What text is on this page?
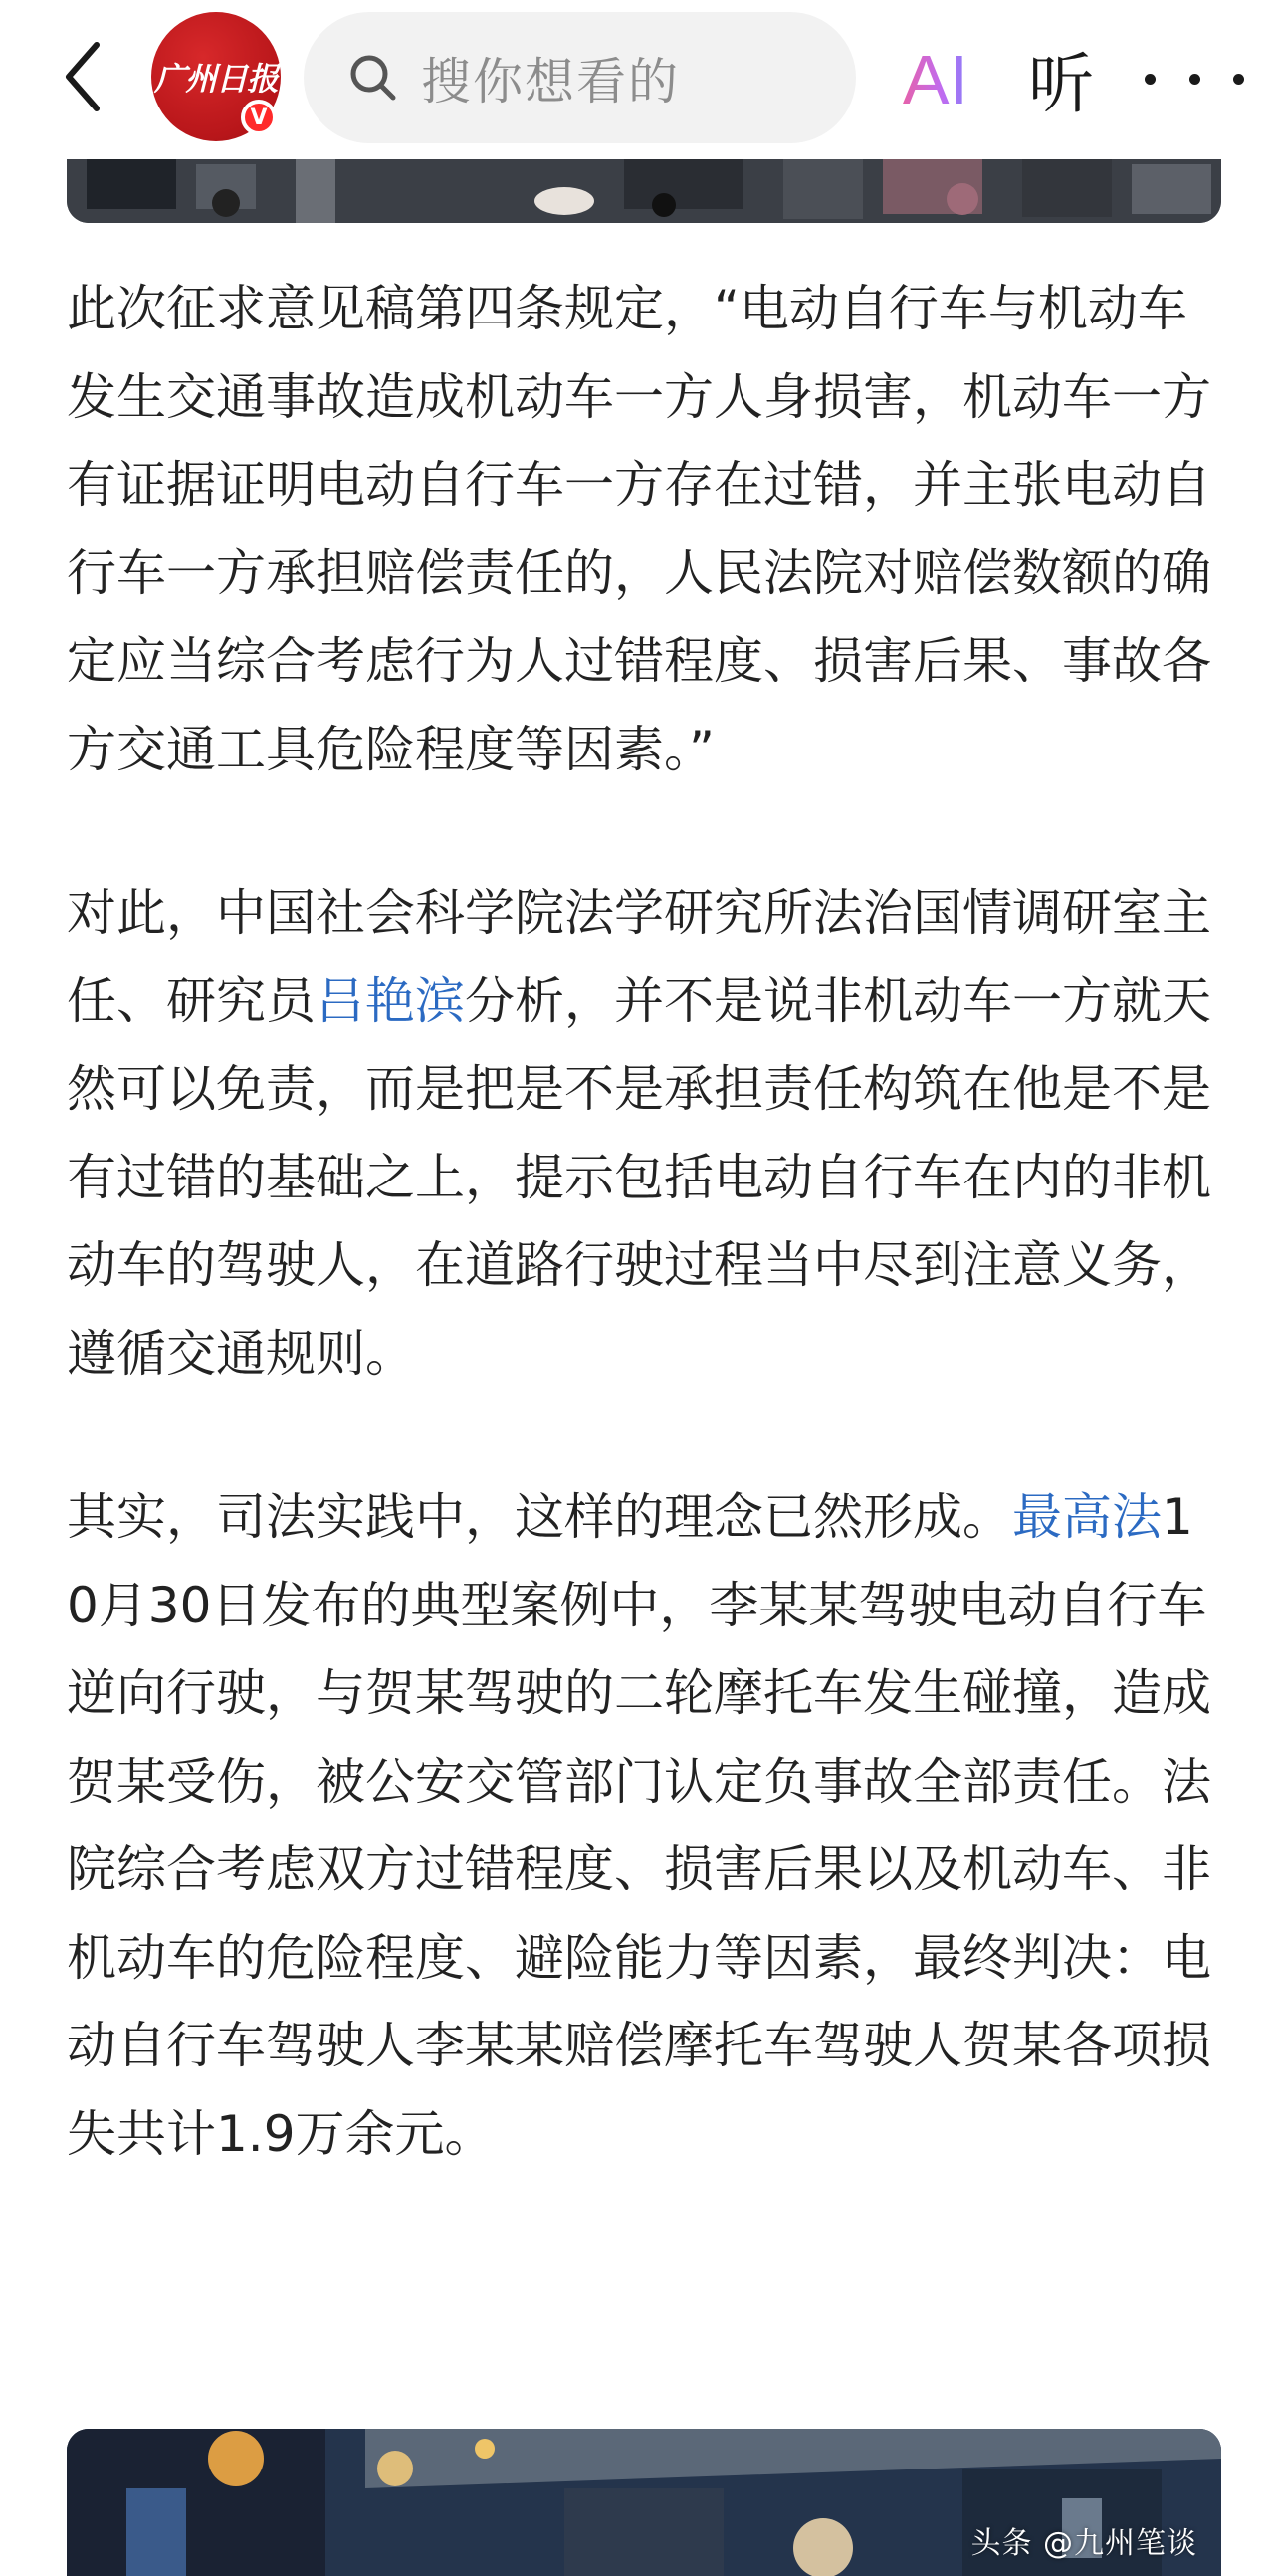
广州日报
V
搜你想看的	AI 听

此次征求意见稿第四条规定，“电动自行车与机动车发生交通事故造成机动车一方人身损害，机动车一方有证据证明电动自行车一方存在过错，并主张电动自行车一方承担赔偿责任的，人民法院对赔偿数额的确定应当综合考虑行为人过错程度、损害后果、事故各方交通工具危险程度等因素。”

对此，中国社会科学院法学研究所法治国情调研室主任、研究员吕艳滨分析，并不是说非机动车一方就天然可以免责，而是把是不是承担责任构筑在他是不是有过错的基础之上，提示包括电动自行车在内的非机动车的驾驶人，在道路行驶过程当中尽到注意义务，遵循交通规则。

其实，司法实践中，这样的理念已然形成。最高法10月30日发布的典型案例中，李某某驾驶电动自行车逆向行驶，与贺某驾驶的二轮摩托车发生碰撞，造成贺某受伤，被公安交管部门认定负事故全部责任。法院综合考虑双方过错程度、损害后果以及机动车、非机动车的危险程度、避险能力等因素，最终判决：电动自行车驾驶人李某某赔偿摩托车驾驶人贺某各项损失共计1.9万余元。

头条 @九州笔谈
